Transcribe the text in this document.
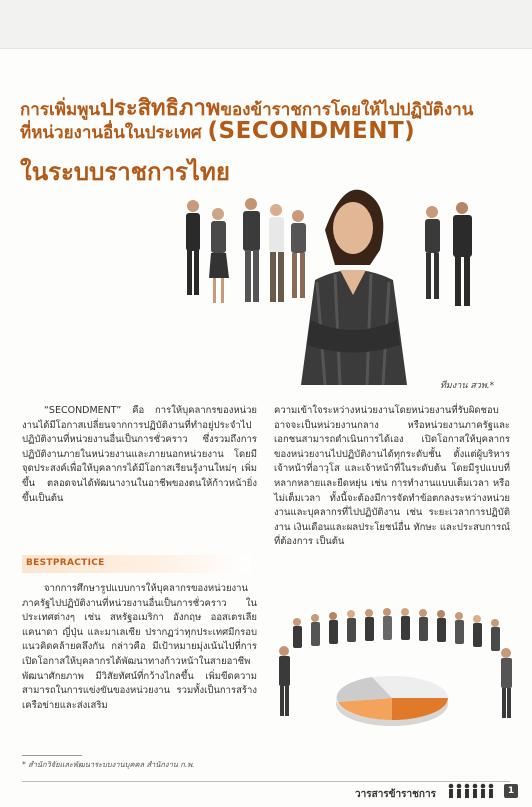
การเพิ่มพูนประสิทธิภาพของข้าราชการโดยให้ไปปฏิบัติงาน
ที่หน่วยงานอื่นในประเทศ (SECONDMENT)
ในระบบราชการไทย
ทีมงาน สวพ.*

“SECONDMENT” คือ การให้บุคลากรของหน่วยงานได้มีโอกาสเปลี่ยนจากการปฏิบัติงานที่ทำอยู่ประจำไปปฏิบัติงานที่หน่วยงานอื่นเป็นการชั่วคราว ซึ่งรวมถึงการปฏิบัติงานภายในหน่วยงานและภายนอกหน่วยงาน โดยมีจุดประสงค์เพื่อให้บุคลากรได้มีโอกาสเรียนรู้งานใหม่ๆ เพิ่มขึ้น ตลอดจนได้พัฒนางานในอาชีพของตนให้ก้าวหน้ายิ่งขึ้นเป็นต้น

BESTPRACTICE

จากการศึกษารูปแบบการให้บุคลากรของหน่วยงานภาครัฐไปปฏิบัติงานที่หน่วยงานอื่นเป็นการชั่วคราว ในประเทศต่างๆ เช่น สหรัฐอเมริกา อังกฤษ ออสเตรเลีย แคนาดา ญี่ปุ่น และมาเลเซีย ปรากฏว่าทุกประเทศมีกรอบแนวคิดคล้ายคลึงกัน กล่าวคือ มีเป้าหมายมุ่งเน้นไปที่การเปิดโอกาสให้บุคลากรได้พัฒนาทางก้าวหน้าในสายอาชีพ พัฒนาศักยภาพ มีวิสัยทัศน์ที่กว้างไกลขึ้น เพิ่มขีดความสามารถในการแข่งขันของหน่วยงาน รวมทั้งเป็นการสร้างเครือข่ายและส่งเสริม

ความเข้าใจระหว่างหน่วยงานโดยหน่วยงานที่รับผิดชอบอาจจะเป็นหน่วยงานกลาง หรือหน่วยงานภาครัฐและเอกชนสามารถดำเนินการได้เอง เปิดโอกาสให้บุคลากรของหน่วยงานไปปฏิบัติงานได้ทุกระดับชั้น ตั้งแต่ผู้บริหาร เจ้าหน้าที่อาวุโส และเจ้าหน้าที่ในระดับต้น โดยมีรูปแบบที่หลากหลายและยืดหยุ่น เช่น การทำงานแบบเต็มเวลา หรือไม่เต็มเวลา ทั้งนี้จะต้องมีการจัดทำข้อตกลงระหว่างหน่วยงานและบุคลากรที่ไปปฏิบัติงาน เช่น ระยะเวลาการปฏิบัติงาน เงินเดือนและผลประโยชน์อื่น ทักษะ และประสบการณ์ที่ต้องการ เป็นต้น

* สำนักวิจัยและพัฒนาระบบงานบุคคล สำนักงาน ก.พ.
วารสารข้าราชการ	1
